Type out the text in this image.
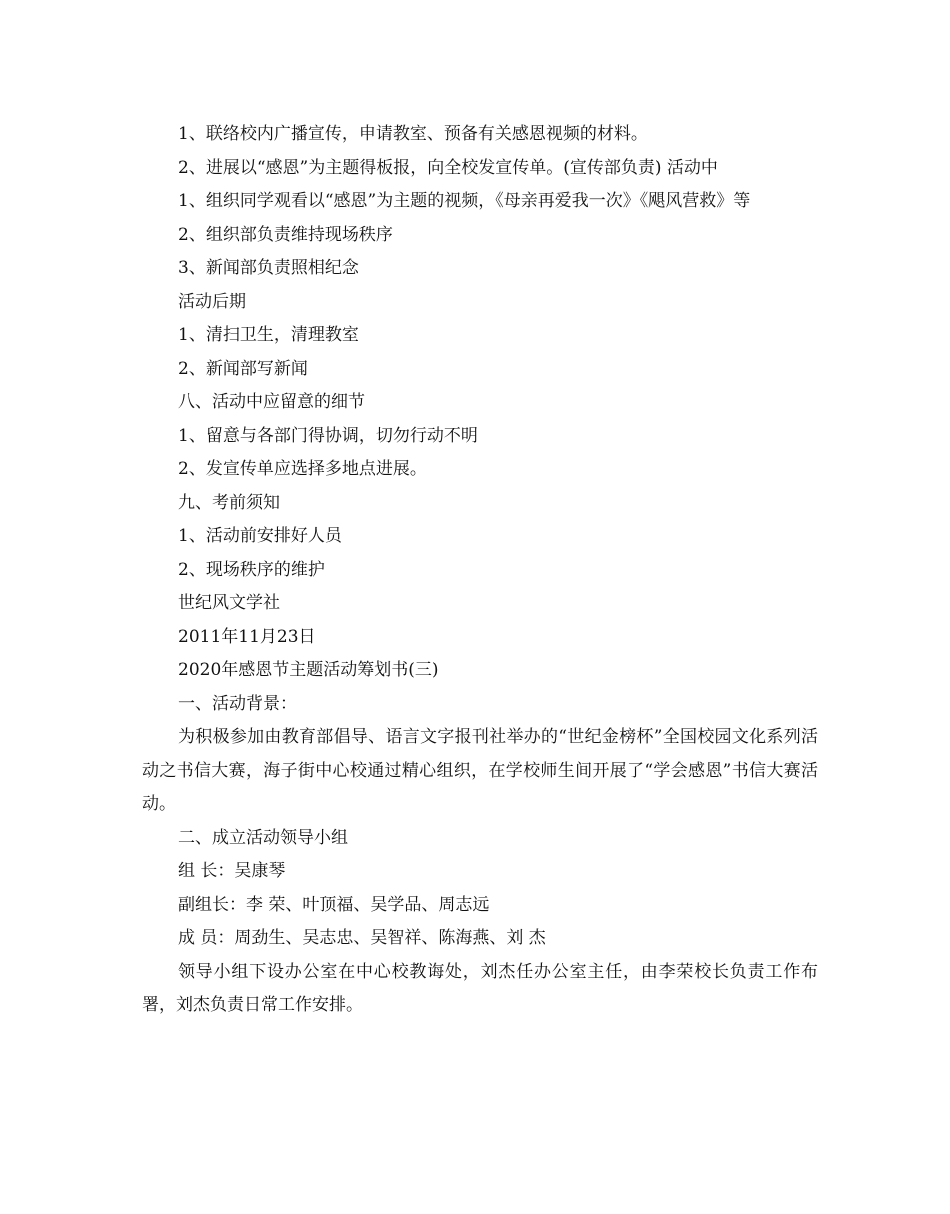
1、联络校内广播宣传，申请教室、预备有关感恩视频的材料。

2、进展以“感恩”为主题得板报，向全校发宣传单。(宣传部负责) 活动中

1、组织同学观看以“感恩”为主题的视频，《母亲再爱我一次》《飓风营救》等

2、组织部负责维持现场秩序

3、新闻部负责照相纪念

活动后期

1、清扫卫生，清理教室

2、新闻部写新闻

八、活动中应留意的细节

1、留意与各部门得协调，切勿行动不明

2、发宣传单应选择多地点进展。

九、考前须知

1、活动前安排好人员

2、现场秩序的维护

世纪风文学社

2011年11月23日

2020年感恩节主题活动筹划书(三)

一、活动背景：

为积极参加由教育部倡导、语言文字报刊社举办的“世纪金榜杯”全国校园文化系列活动之书信大赛，海子街中心校通过精心组织，在学校师生间开展了“学会感恩”书信大赛活动。

二、成立活动领导小组

组 长：吴康琴

副组长：李 荣、叶顶福、吴学品、周志远

成 员：周劲生、吴志忠、吴智祥、陈海燕、刘 杰

领导小组下设办公室在中心校教诲处，刘杰任办公室主任，由李荣校长负责工作布署，刘杰负责日常工作安排。
